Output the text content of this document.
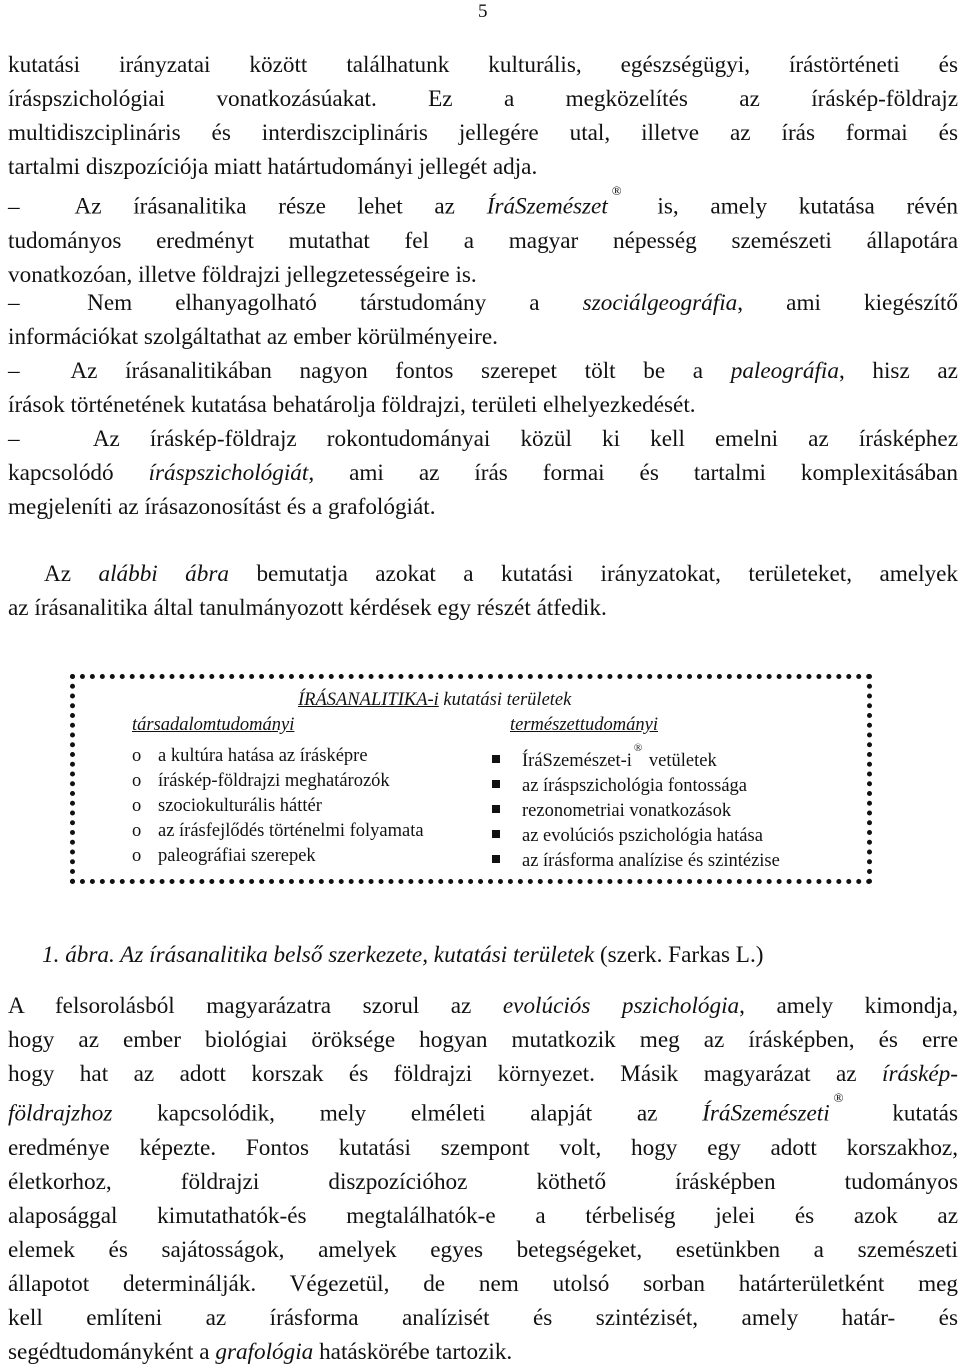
5
kutatási irányzatai között találhatunk kulturális, egészségügyi, írástörténeti és
íráspszichológiai vonatkozásúakat. Ez a megközelítés az íráskép-földrajz
multidiszciplináris és interdiszciplináris jellegére utal, illetve az írás formai és
tartalmi diszpozíciója miatt határtudományi jellegét adja.
– Az írásanalitika része lehet az ÍráSzemészet® is, amely kutatása révén
tudományos eredményt mutathat fel a magyar népesség szemészeti állapotára
vonatkozóan, illetve földrajzi jellegzetességeire is.
–	Nem elhanyagolható társtudomány a szociálgeográfia, ami kiegészítő
információkat szolgáltathat az ember körülményeire.
– Az írásanalitikában nagyon fontos szerepet tölt be a paleográfia, hisz az
írások történetének kutatása behatárolja földrajzi, területi elhelyezkedését.
–	Az íráskép-földrajz rokontudományai közül ki kell emelni az írásképhez
kapcsolódó íráspszichológiát, ami az írás formai és tartalmi komplexitásában
megjeleníti az írásazonosítást és a grafológiát.
Az alábbi ábra bemutatja azokat a kutatási irányzatokat, területeket, amelyek
az írásanalitika által tanulmányozott kérdések egy részét átfedik.
ÍRÁSANALITIKA-i kutatási területek
társadalomtudományi	természettudományi
o a kultúra hatása az írásképre
o íráskép-földrajzi meghatározók
o szociokulturális háttér
o az írásfejlődés történelmi folyamata
o paleográfiai szerepek
ÍráSzemészet-i® vetületek
az íráspszichológia fontossága
rezonometriai vonatkozások
az evolúciós pszichológia hatása
az írásforma analízise és szintézise
1. ábra. Az írásanalitika belső szerkezete, kutatási területek (szerk. Farkas L.)
A felsorolásból magyarázatra szorul az evolúciós pszichológia, amely kimondja,
hogy az ember biológiai öröksége hogyan mutatkozik meg az írásképben, és erre
hogy hat az adott korszak és földrajzi környezet. Másik magyarázat az íráskép-
földrajzhoz kapcsolódik, mely elméleti alapját az ÍráSzemészeti® kutatás
eredménye képezte. Fontos kutatási szempont volt, hogy egy adott korszakhoz,
életkorhoz, földrajzi diszpozícióhoz köthető írásképben tudományos
alaposággal kimutathatók-és megtalálhatók-e a térbeliség jelei és azok az
elemek és sajátosságok, amelyek egyes betegségeket, esetünkben a szemészeti
állapotot determinálják. Végezetül, de nem utolsó sorban határterületként meg
kell említeni az írásforma analízisét és szintézisét, amely határ- és
segédtudományként a grafológia hatáskörébe tartozik.
